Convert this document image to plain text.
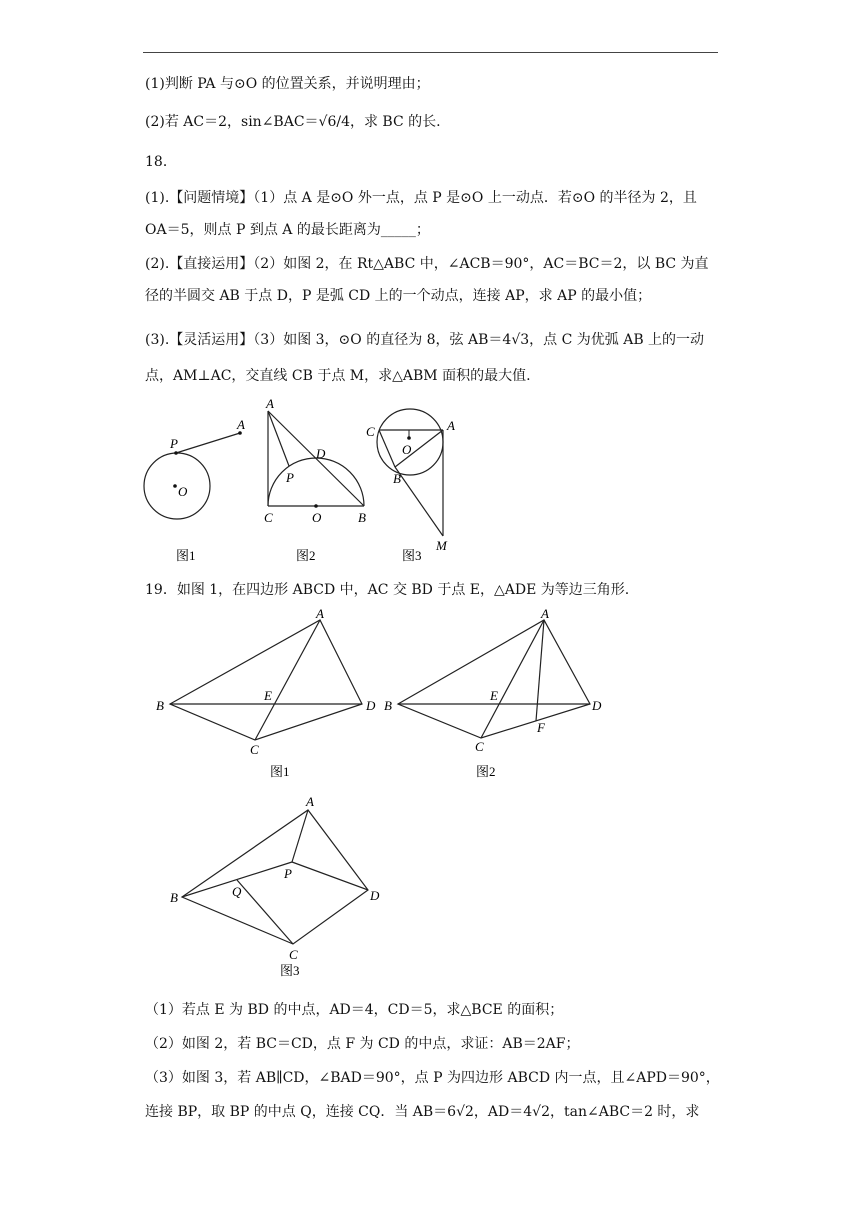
(1)判断 PA 与⊙O 的位置关系，并说明理由；
(2)若 AC＝2，sin∠BAC＝√6/4，求 BC 的长.
18．
(1).【问题情境】（1）点 A 是⊙O 外一点，点 P 是⊙O 上一动点．若⊙O 的半径为 2，且
OA＝5，则点 P 到点 A 的最长距离为_____；
(2).【直接运用】（2）如图 2，在 Rt△ABC 中，∠ACB＝90°，AC＝BC＝2，以 BC 为直
径的半圆交 AB 于点 D，P 是弧 CD 上的一个动点，连接 AP，求 AP 的最小值；
(3).【灵活运用】（3）如图 3，⊙O 的直径为 8，弦 AB＝4√3，点 C 为优弧 AB 上的一动
点，AM⊥AC，交直线 CB 于点 M，求△ABM 面积的最大值.
P
A
O
图1
A
D
P
C	O	B
图2
C	A
O
B
M
图3
19．如图 1，在四边形 ABCD 中，AC 交 BD 于点 E，△ADE 为等边三角形.
A
B
E
D
C
图1
A
B
E
D
C
F
图2
A
B
P
Q	D
C
图3
（1）若点 E 为 BD 的中点，AD＝4，CD＝5，求△BCE 的面积；
（2）如图 2，若 BC＝CD，点 F 为 CD 的中点，求证：AB＝2AF；
（3）如图 3，若 AB∥CD，∠BAD＝90°，点 P 为四边形 ABCD 内一点，且∠APD＝90°，
连接 BP，取 BP 的中点 Q，连接 CQ．当 AB＝6√2，AD＝4√2，tan∠ABC＝2 时，求
